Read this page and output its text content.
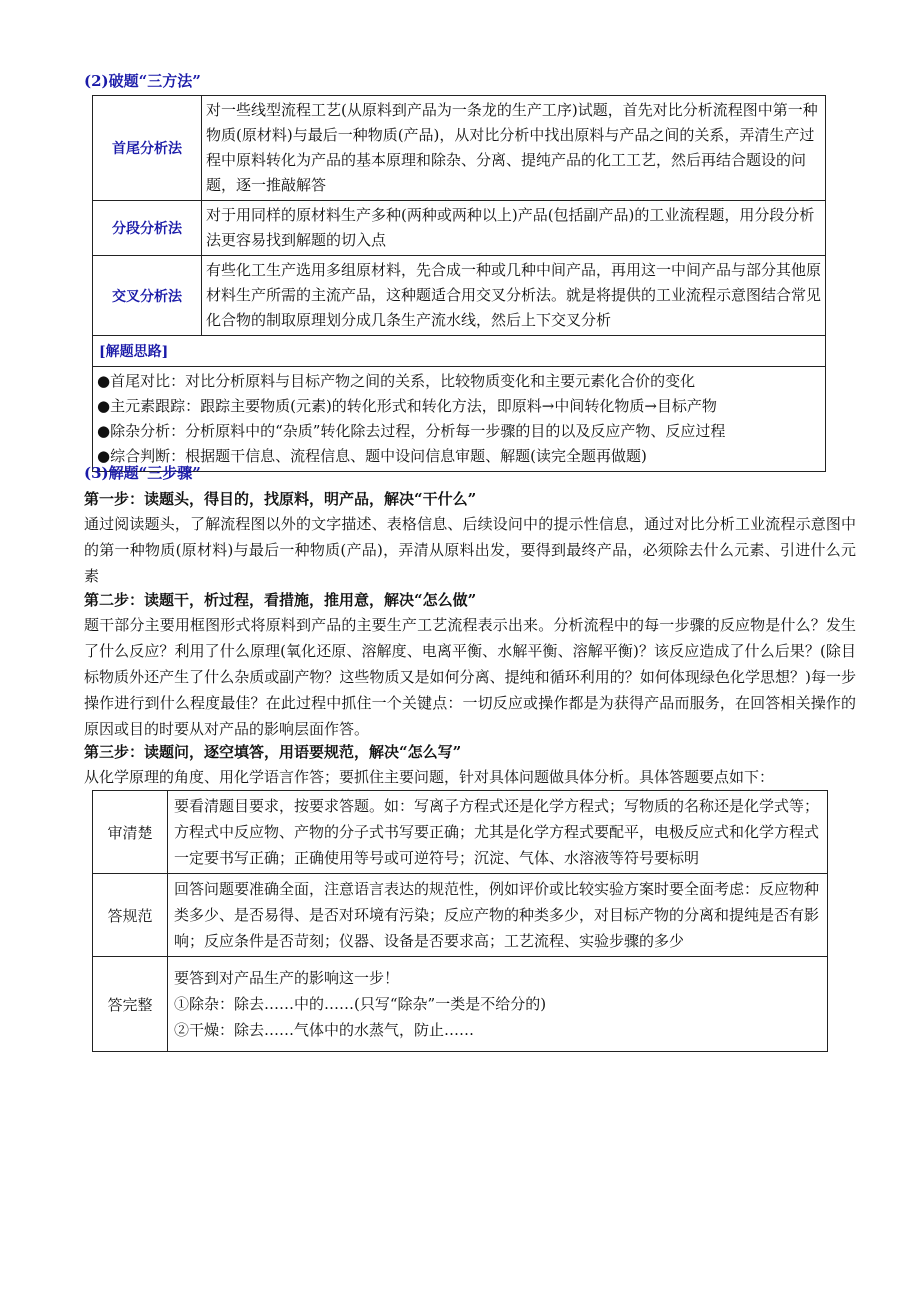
(2)破题“三方法”
首尾分析法	对一些线型流程工艺(从原料到产品为一条龙的生产工序)试题，首先对比分析流程图中第一种物质(原材料)与最后一种物质(产品)，从对比分析中找出原料与产品之间的关系，弄清生产过程中原料转化为产品的基本原理和除杂、分离、提纯产品的化工工艺，然后再结合题设的问题，逐一推敲解答
分段分析法	对于用同样的原材料生产多种(两种或两种以上)产品(包括副产品)的工业流程题，用分段分析法更容易找到解题的切入点
交叉分析法	有些化工生产选用多组原材料，先合成一种或几种中间产品，再用这一中间产品与部分其他原材料生产所需的主流产品，这种题适合用交叉分析法。就是将提供的工业流程示意图结合常见化合物的制取原理划分成几条生产流水线，然后上下交叉分析
[解题思路]	

●首尾对比：对比分析原料与目标产物之间的关系，比较物质变化和主要元素化合价的变化
●主元素跟踪：跟踪主要物质(元素)的转化形式和转化方法，即原料→中间转化物质→目标产物
●除杂分析：分析原料中的“杂质”转化除去过程，分析每一步骤的目的以及反应产物、反应过程
●综合判断：根据题干信息、流程信息、题中设问信息审题、解题(读完全题再做题)	
(3)解题“三步骤”
第一步：读题头，得目的，找原料，明产品，解决“干什么”
通过阅读题头，了解流程图以外的文字描述、表格信息、后续设问中的提示性信息，通过对比分析工业流程示意图中的第一种物质(原材料)与最后一种物质(产品)，弄清从原料出发，要得到最终产品，必须除去什么元素、引进什么元素
第二步：读题干，析过程，看措施，推用意，解决“怎么做”
题干部分主要用框图形式将原料到产品的主要生产工艺流程表示出来。分析流程中的每一步骤的反应物是什么？发生了什么反应？利用了什么原理(氧化还原、溶解度、电离平衡、水解平衡、溶解平衡)？该反应造成了什么后果？(除目标物质外还产生了什么杂质或副产物？这些物质又是如何分离、提纯和循环利用的？如何体现绿色化学思想？)每一步操作进行到什么程度最佳？在此过程中抓住一个关键点：一切反应或操作都是为获得产品而服务，在回答相关操作的原因或目的时要从对产品的影响层面作答。
第三步：读题问，逐空填答，用语要规范，解决“怎么写”
从化学原理的角度、用化学语言作答；要抓住主要问题，针对具体问题做具体分析。具体答题要点如下：
审清楚	要看清题目要求，按要求答题。如：写离子方程式还是化学方程式；写物质的名称还是化学式等；方程式中反应物、产物的分子式书写要正确；尤其是化学方程式要配平，电极反应式和化学方程式一定要书写正确；正确使用等号或可逆符号；沉淀、气体、水溶液等符号要标明
答规范	回答问题要准确全面，注意语言表达的规范性，例如评价或比较实验方案时要全面考虑：反应物种类多少、是否易得、是否对环境有污染；反应产物的种类多少，对目标产物的分离和提纯是否有影响；反应条件是否苛刻；仪器、设备是否要求高；工艺流程、实验步骤的多少
答完整	要答到对产品生产的影响这一步！
①除杂：除去……中的……(只写“除杂”一类是不给分的)
②干燥：除去……气体中的水蒸气，防止……
